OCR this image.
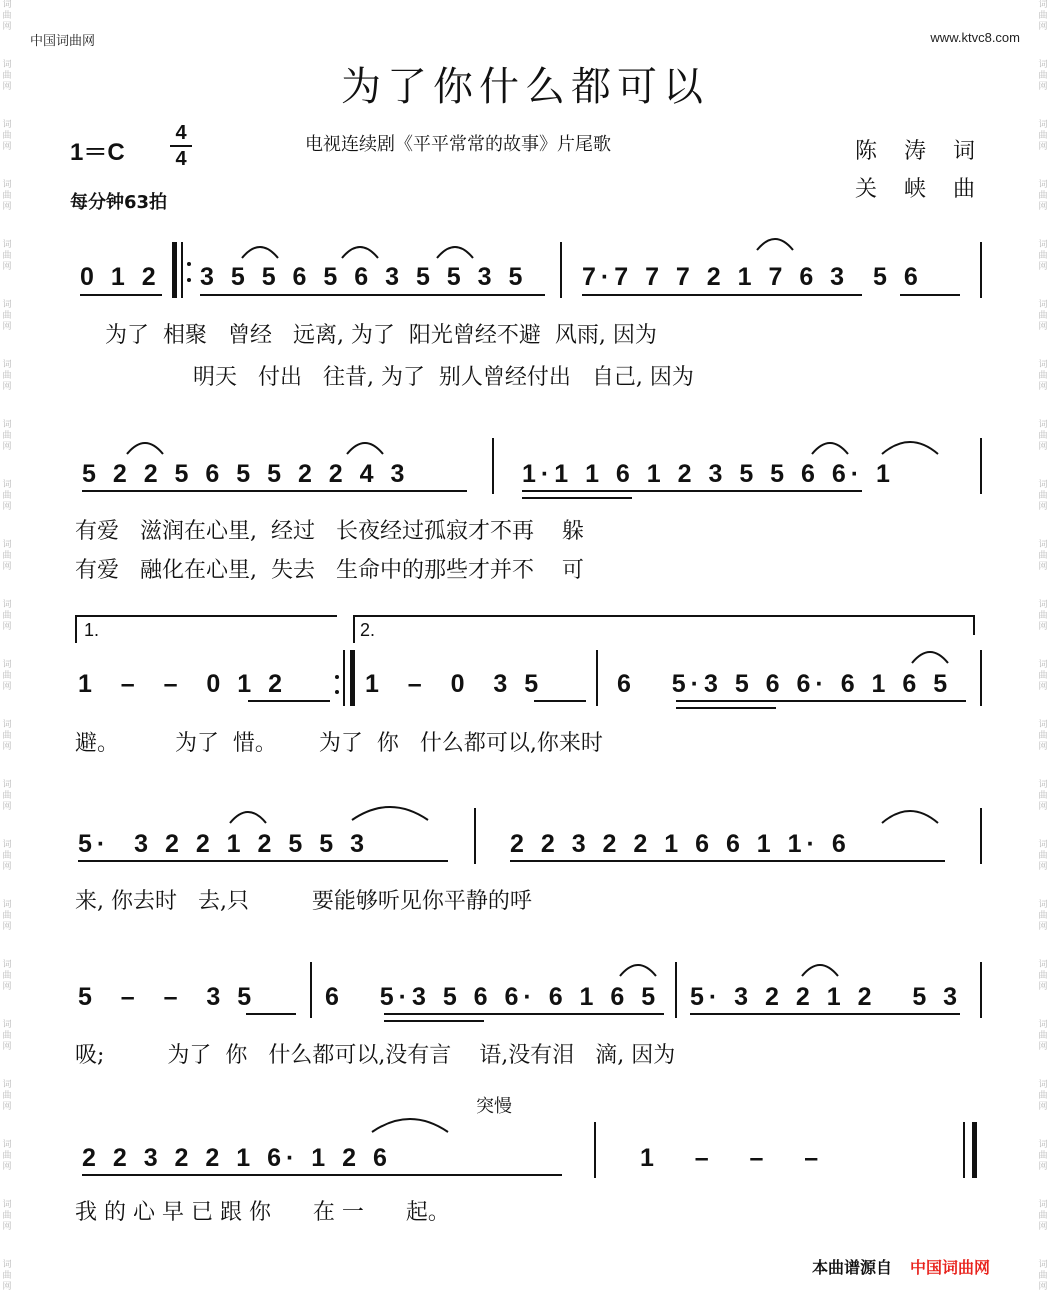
词曲网
词曲网
词曲网
词曲网
词曲网
词曲网
词曲网
词曲网
词曲网
词曲网
词曲网
词曲网
词曲网
词曲网
词曲网
词曲网
词曲网
词曲网
词曲网
词曲网
词曲网
词曲网
词曲网
词曲网
词曲网
词曲网
词曲网
词曲网
词曲网
词曲网
词曲网
词曲网
词曲网
词曲网
词曲网
词曲网
词曲网
词曲网
词曲网
词曲网
词曲网
词曲网
词曲网
词曲网
中国词曲网	www.ktvc8.com
为了你什么都可以
1＝C
4
4
每分钟63拍
电视连续剧《平平常常的故事》片尾歌	陈 涛 词
关 峡 曲
0 1 2 3 5 5 6 5 6 3 5 5 3 5 7·7 7 7 2 1 7 6 3  5 6
为了  相聚   曾经   远离, 为了  阳光曾经不避  风雨, 因为
明天   付出   往昔, 为了  别人曾经付出   自己, 因为
5 2 2 5 6 5 5 2 2 4 3	1·1 1 6 1 2 3 5 5 6 6· 1
有爱   滋润在心里,  经过   长夜经过孤寂才不再    躲
有爱   融化在心里,  失去   生命中的那些才并不    可
1.	2.
1  –  –  0 1 2	1  –  0  3 5	6   5·3 5 6 6· 6 1 6 5
避。        为了  惜。      为了  你   什么都可以,你来时
5·  3 2 2 1 2 5 5 3	2 2 3 2 2 1 6 6 1 1· 6
来, 你去时   去,只         要能够听见你平静的呼
5  –  –  3 5	6   5·3 5 6 6· 6 1 6 5 5· 3 2 2 1 2   5 3
吸;         为了  你   什么都可以,没有言    语,没有泪   滴, 因为
突慢
2 2 3 2 2 1 6· 1 2 6	1   –   –   –
我 的 心 早 已 跟 你      在 一      起。
本曲谱源自 中国词曲网
